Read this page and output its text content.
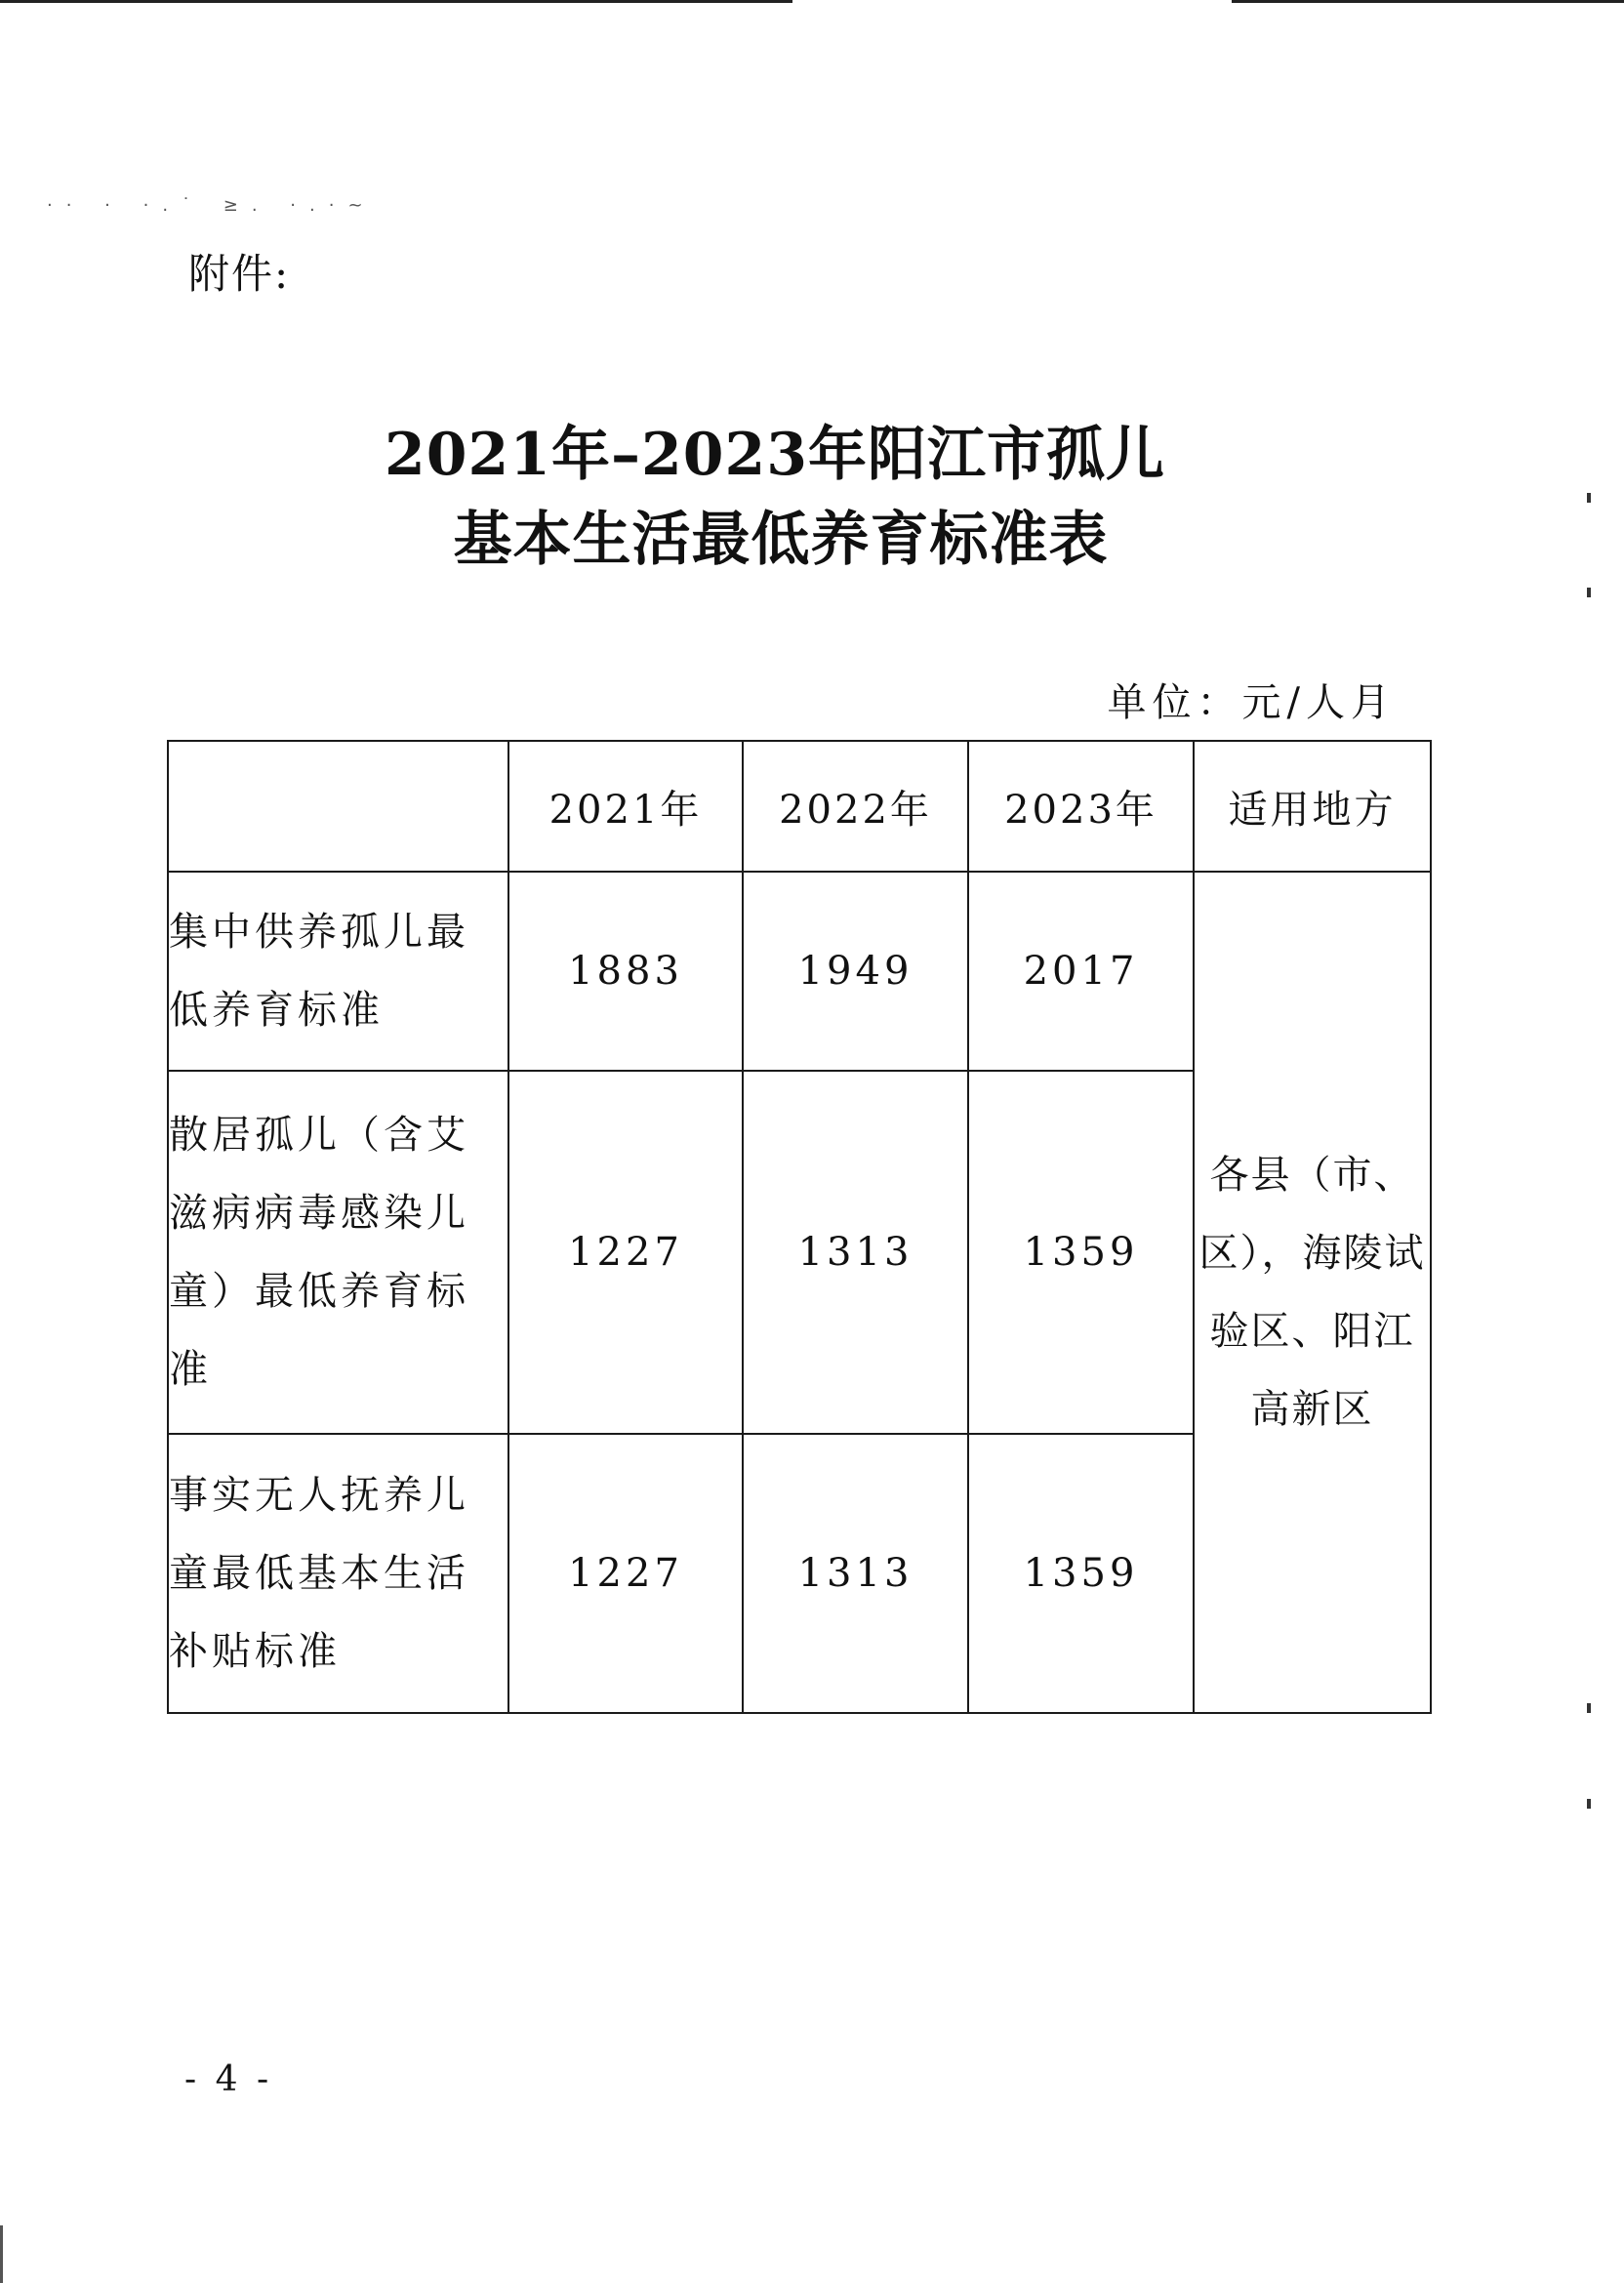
·· · ·.˙ ≥. ·.·~
附件:
2021年–2023年阳江市孤儿
基本生活最低养育标准表
单位：元/人月
	2021年	2022年	2023年	适用地方
集中供养孤儿最低养育标准	1883	1949	2017	各县（市、区），海陵试验区、阳江高新区
散居孤儿（含艾滋病病毒感染儿童）最低养育标准	1227	1313	1359	
事实无人抚养儿童最低基本生活补贴标准	1227	1313	1359	
- 4 -
